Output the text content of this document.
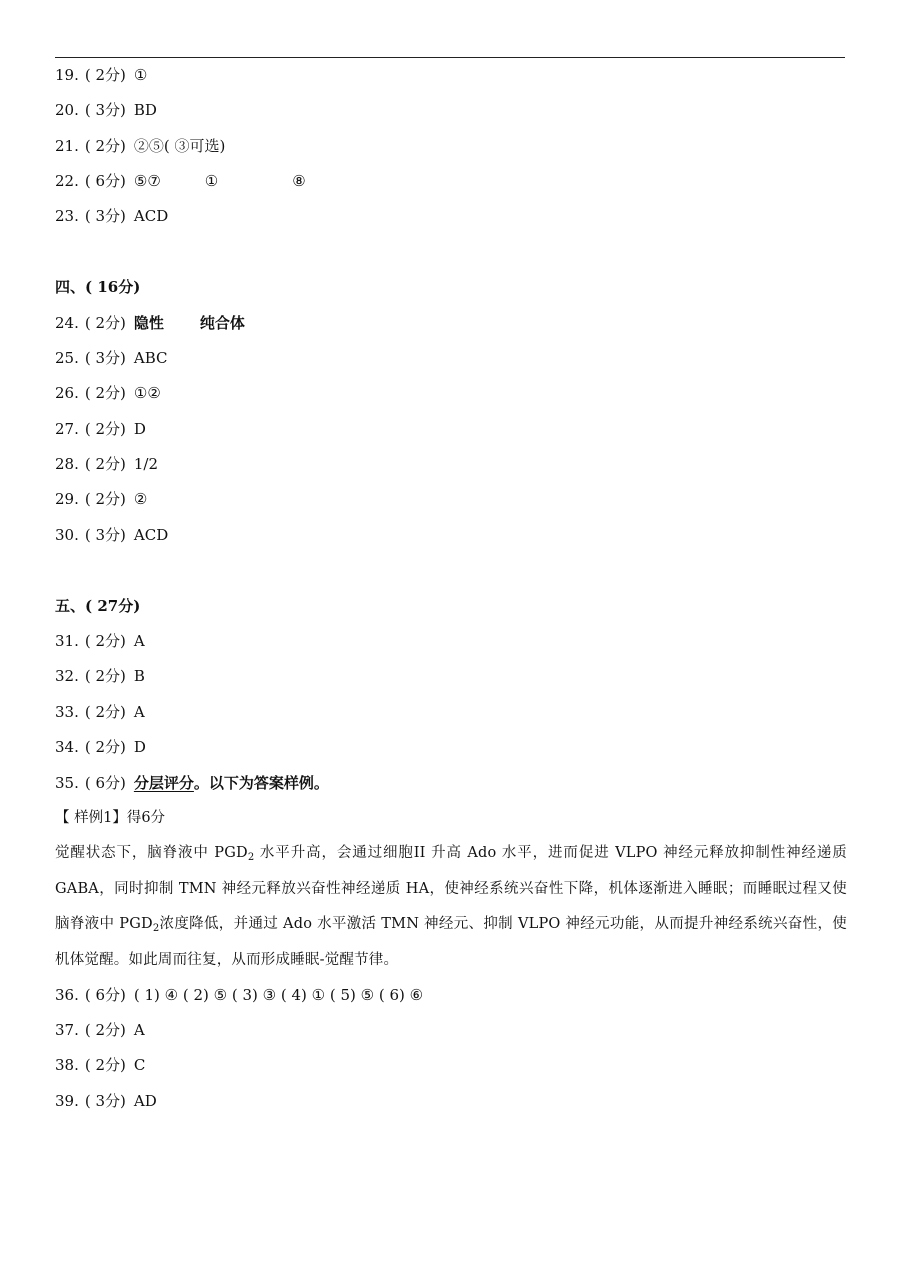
19. ( 2分) ①
20. ( 3分) BD
21. ( 2分) ②⑤( ③可选)
22. ( 6分) ⑤⑦	①	⑧
23. ( 3分) ACD
四、( 16分)
24. ( 2分) 隐性 纯合体
25. ( 3分) ABC
26. ( 2分) ①②
27. ( 2分) D
28. ( 2分) 1/2
29. ( 2分) ②
30. ( 3分) ACD
五、( 27分)
31. ( 2分) A
32. ( 2分) B
33. ( 2分) A
34. ( 2分) D
35. ( 6分) 分层评分。以下为答案样例。
【 样例1】得6分
觉醒状态下，脑脊液中 $PGD_2$ 水平升高，会通过细胞II 升高 Ado 水平，进而促进 VLPO 神经元释放抑制性神经递质 GABA，同时抑制 TMN 神经元释放兴奋性神经递质 HA，使神经系统兴奋性下降，机体逐渐进入睡眠；而睡眠过程又使脑脊液中 $PGD_2$浓度降低，并通过 Ado 水平激活 TMN 神经元、抑制 VLPO 神经元功能，从而提升神经系统兴奋性，使机体觉醒。如此周而往复，从而形成睡眠-觉醒节律。
36. ( 6分) ( 1) ④ ( 2) ⑤ ( 3) ③ ( 4) ① ( 5) ⑤ ( 6) ⑥
37. ( 2分) A
38. ( 2分) C
39. ( 3分) AD
